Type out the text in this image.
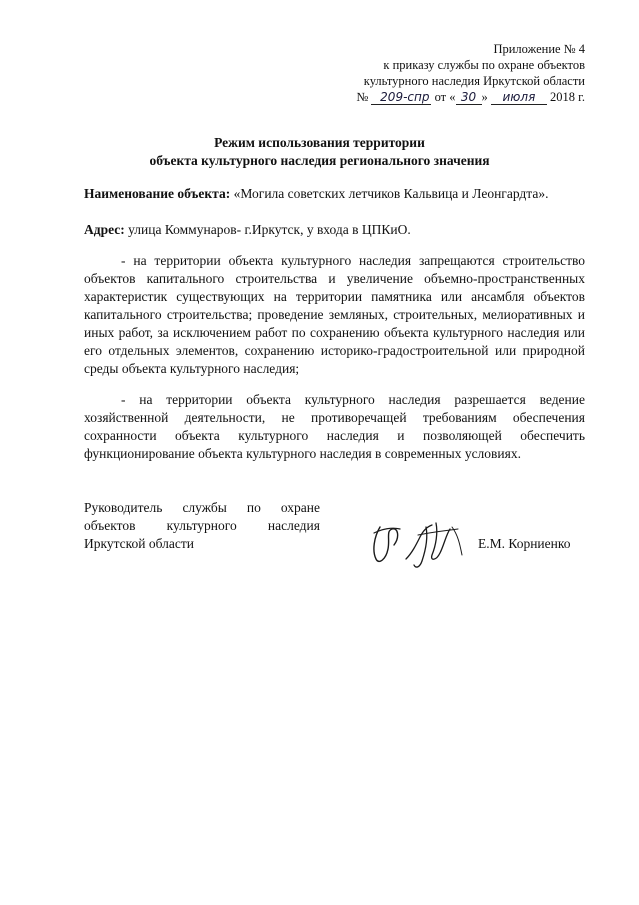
Приложение № 4
к приказу службы по охране объектов
культурного наследия Иркутской области
№ 209-спр от « 30 » июля 2018 г.
Режим использования территории
объекта культурного наследия регионального значения
Наименование объекта: «Могила советских летчиков Кальвица и Леонгардта».
Адрес: улица Коммунаров- г.Иркутск, у входа в ЦПКиО.
- на территории объекта культурного наследия запрещаются строительство объектов капитального строительства и увеличение объемно-пространственных характеристик существующих на территории памятника или ансамбля объектов капитального строительства; проведение земляных, строительных, мелиоративных и иных работ, за исключением работ по сохранению объекта культурного наследия или его отдельных элементов, сохранению историко-градостроительной или природной среды объекта культурного наследия;
- на территории объекта культурного наследия разрешается ведение хозяйственной деятельности, не противоречащей требованиям обеспечения сохранности объекта культурного наследия и позволяющей обеспечить функционирование объекта культурного наследия в современных условиях.
Руководитель службы по охране объектов культурного наследия Иркутской области	Е.М. Корниенко
